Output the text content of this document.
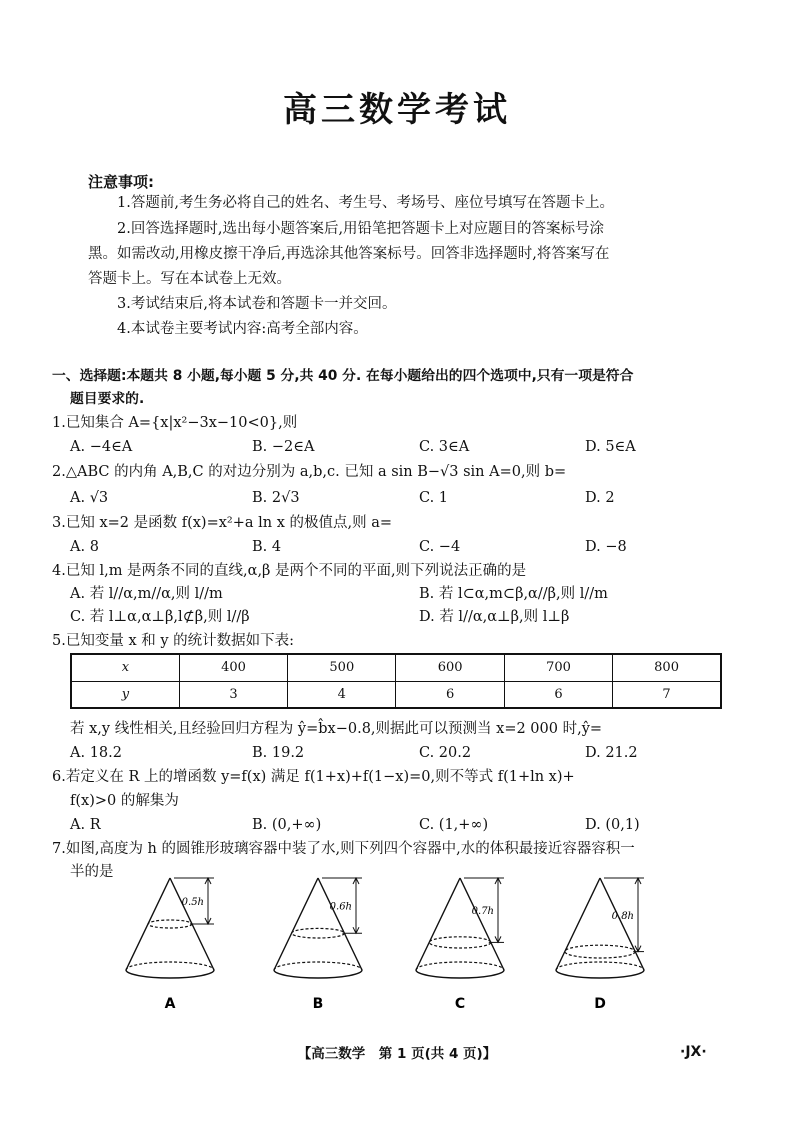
高三数学考试
注意事项:
1.答题前,考生务必将自己的姓名、考生号、考场号、座位号填写在答题卡上。
2.回答选择题时,选出每小题答案后,用铅笔把答题卡上对应题目的答案标号涂
黑。如需改动,用橡皮擦干净后,再选涂其他答案标号。回答非选择题时,将答案写在
答题卡上。写在本试卷上无效。
3.考试结束后,将本试卷和答题卡一并交回。
4.本试卷主要考试内容:高考全部内容。
一、选择题:本题共 8 小题,每小题 5 分,共 40 分. 在每小题给出的四个选项中,只有一项是符合
题目要求的.
1.已知集合 A={x|x²−3x−10<0},则
A. −4∈A	B. −2∈A	C. 3∈A	D. 5∈A
2.△ABC 的内角 A,B,C 的对边分别为 a,b,c. 已知 a sin B−√3 sin A=0,则 b=
A. √3	B. 2√3	C. 1	D. 2
3.已知 x=2 是函数 f(x)=x²+a ln x 的极值点,则 a=
A. 8	B. 4	C. −4	D. −8
4.已知 l,m 是两条不同的直线,α,β 是两个不同的平面,则下列说法正确的是
A. 若 l//α,m//α,则 l//m	B. 若 l⊂α,m⊂β,α//β,则 l//m
C. 若 l⊥α,α⊥β,l⊄β,则 l//β	D. 若 l//α,α⊥β,则 l⊥β
5.已知变量 x 和 y 的统计数据如下表:
x	400	500	600	700	800
y	3	4	6	6	7
若 x,y 线性相关,且经验回归方程为 ŷ=b̂x−0.8,则据此可以预测当 x=2 000 时,ŷ=
A. 18.2	B. 19.2	C. 20.2	D. 21.2
6.若定义在 R 上的增函数 y=f(x) 满足 f(1+x)+f(1−x)=0,则不等式 f(1+ln x)+
f(x)>0 的解集为
A. R	B. (0,+∞)	C. (1,+∞)	D. (0,1)
7.如图,高度为 h 的圆锥形玻璃容器中装了水,则下列四个容器中,水的体积最接近容器容积一
半的是
0.5h
A
0.6h
B
0.7h
C
0.8h
D
【高三数学　第 1 页(共 4 页)】	·JX·
